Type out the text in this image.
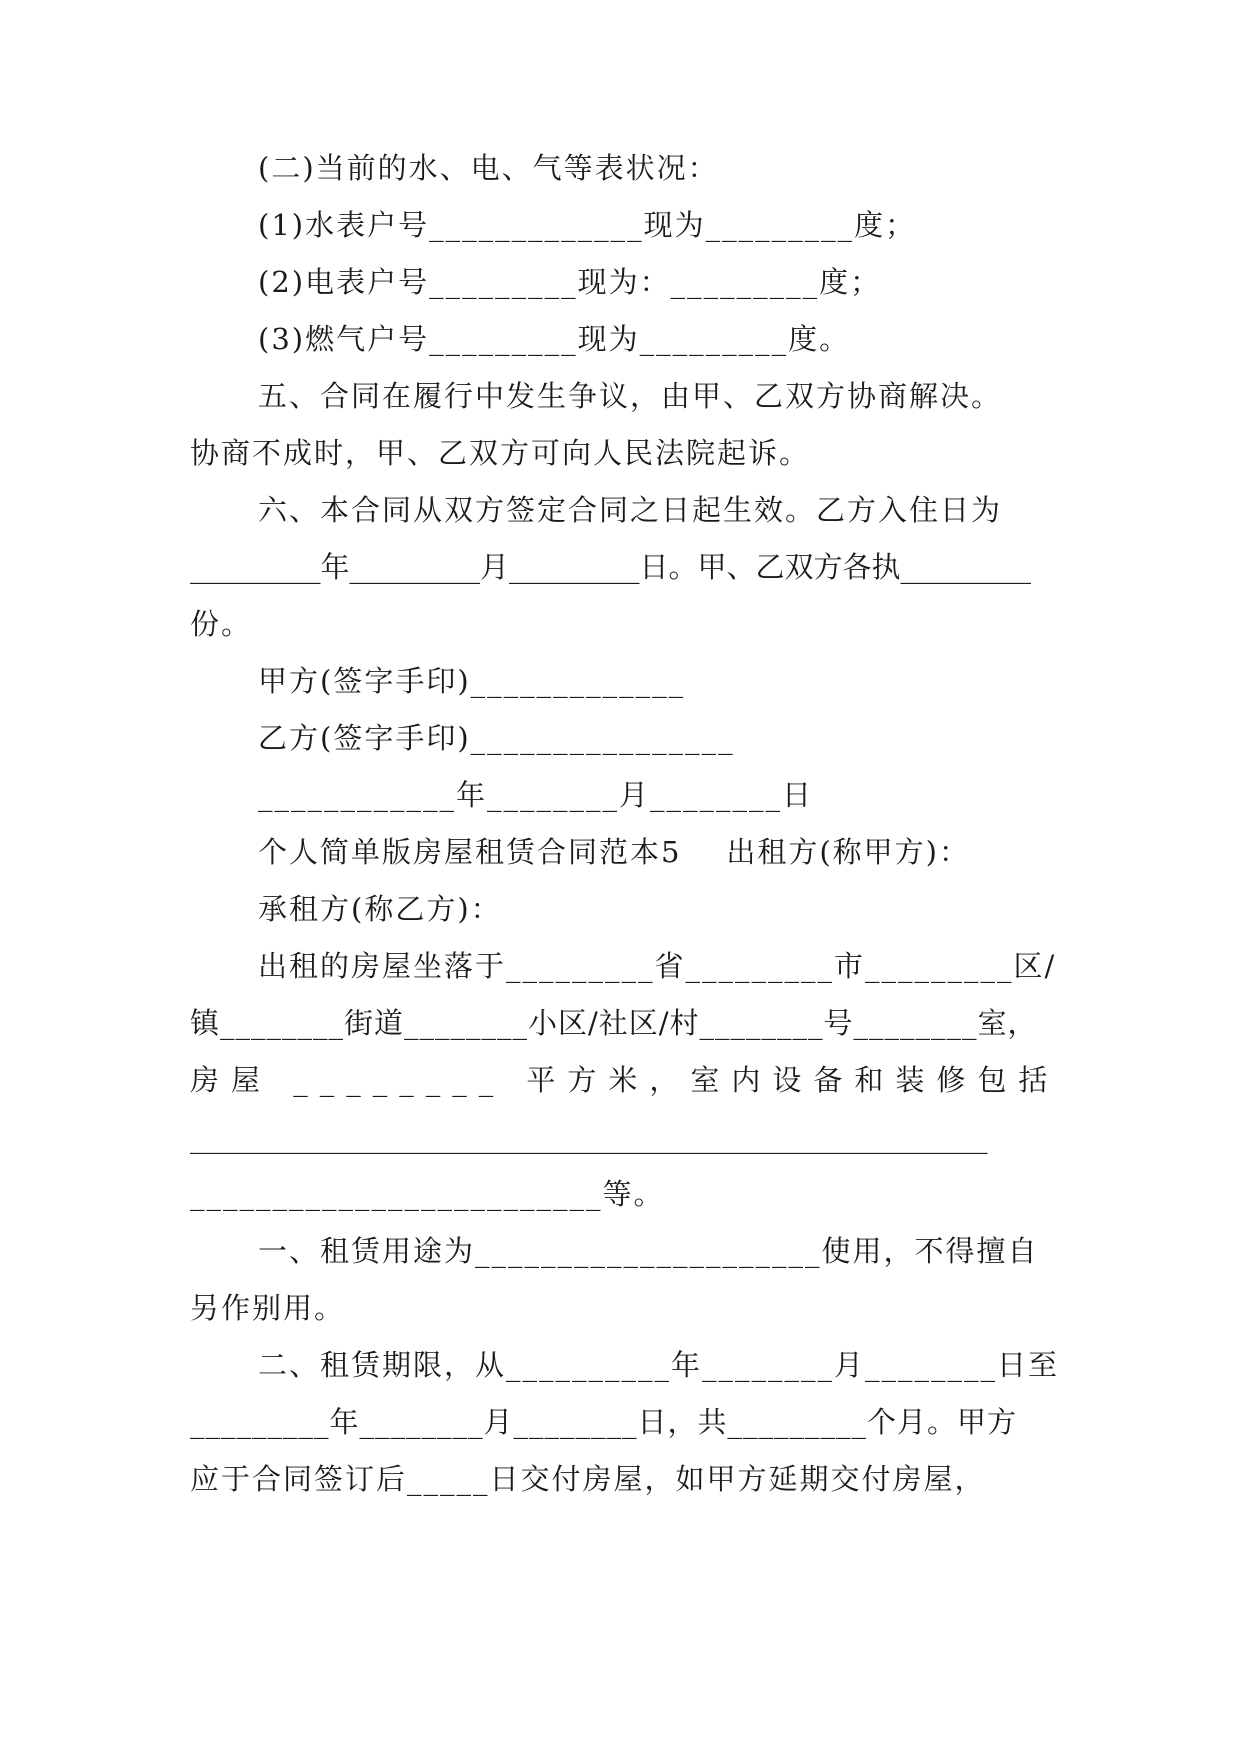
(二)当前的水、电、气等表状况：
(1)水表户号_____________现为_________度；
(2)电表户号_________现为：_________度；
(3)燃气户号_________现为_________度。
五、合同在履行中发生争议，由甲、乙双方协商解决。
协商不成时，甲、乙双方可向人民法院起诉。
六、本合同从双方签定合同之日起生效。乙方入住日为
_________年_________月_________日。甲、乙双方各执_________
份。
甲方(签字手印)_____________
乙方(签字手印)________________
____________年________月________日
个人简单版房屋租赁合同范本5    出租方(称甲方)：
承租方(称乙方)：
出租的房屋坐落于_________省_________市_________区/
镇________街道________小区/社区/村________号________室，
房屋 ________ 平方米，室内设备和装修包括
_______________________________________________________
_________________________等。
一、租赁用途为_____________________使用，不得擅自
另作别用。
二、租赁期限，从__________年________月________日至
_________年________月________日，共_________个月。甲方
应于合同签订后_____日交付房屋，如甲方延期交付房屋，
